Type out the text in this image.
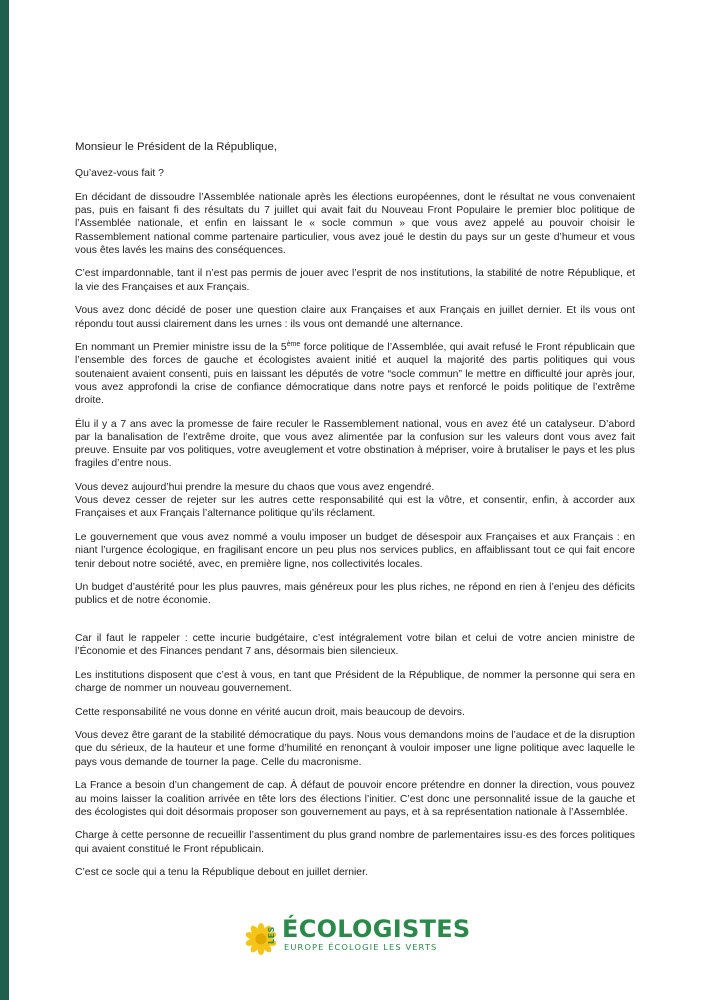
Monsieur le Président de la République,

Qu’avez-vous fait ?

En décidant de dissoudre l’Assemblée nationale après les élections européennes, dont le résultat ne vous convenaient pas, puis en faisant fi des résultats du 7 juillet qui avait fait du Nouveau Front Populaire le premier bloc politique de l’Assemblée nationale, et enfin en laissant le « socle commun » que vous avez appelé au pouvoir choisir le Rassemblement national comme partenaire particulier, vous avez joué le destin du pays sur un geste d’humeur et vous vous êtes lavés les mains des conséquences.

C’est impardonnable, tant il n’est pas permis de jouer avec l’esprit de nos institutions, la stabilité de notre République, et la vie des Françaises et aux Français.

Vous avez donc décidé de poser une question claire aux Françaises et aux Français en juillet dernier. Et ils vous ont répondu tout aussi clairement dans les urnes : ils vous ont demandé une alternance.

En nommant un Premier ministre issu de la 5ème force politique de l’Assemblée, qui avait refusé le Front républicain que l’ensemble des forces de gauche et écologistes avaient initié et auquel la majorité des partis politiques qui vous soutenaient avaient consenti, puis en laissant les députés de votre “socle commun” le mettre en difficulté jour après jour, vous avez approfondi la crise de confiance démocratique dans notre pays et renforcé le poids politique de l’extrême droite.

Élu il y a 7 ans avec la promesse de faire reculer le Rassemblement national, vous en avez été un catalyseur. D’abord par la banalisation de l’extrême droite, que vous avez alimentée par la confusion sur les valeurs dont vous avez fait preuve. Ensuite par vos politiques, votre aveuglement et votre obstination à mépriser, voire à brutaliser le pays et les plus fragiles d’entre nous.

Vous devez aujourd’hui prendre la mesure du chaos que vous avez engendré.
Vous devez cesser de rejeter sur les autres cette responsabilité qui est la vôtre, et consentir, enfin, à accorder aux Françaises et aux Français l’alternance politique qu’ils réclament.

Le gouvernement que vous avez nommé a voulu imposer un budget de désespoir aux Françaises et aux Français : en niant l’urgence écologique, en fragilisant encore un peu plus nos services publics, en affaiblissant tout ce qui fait encore tenir debout notre société, avec, en première ligne, nos collectivités locales.

Un budget d’austérité pour les plus pauvres, mais généreux pour les plus riches, ne répond en rien à l’enjeu des déficits publics et de notre économie.

Car il faut le rappeler : cette incurie budgétaire, c’est intégralement votre bilan et celui de votre ancien ministre de l’Économie et des Finances pendant 7 ans, désormais bien silencieux.

Les institutions disposent que c’est à vous, en tant que Président de la République, de nommer la personne qui sera en charge de nommer un nouveau gouvernement.

Cette responsabilité ne vous donne en vérité aucun droit, mais beaucoup de devoirs.

Vous devez être garant de la stabilité démocratique du pays. Nous vous demandons moins de l’audace et de la disruption que du sérieux, de la hauteur et une forme d’humilité en renonçant à vouloir imposer une ligne politique avec laquelle le pays vous demande de tourner la page. Celle du macronisme.

La France a besoin d’un changement de cap. À défaut de pouvoir encore prétendre en donner la direction, vous pouvez au moins laisser la coalition arrivée en tête lors des élections l’initier. C’est donc une personnalité issue de la gauche et des écologistes qui doit désormais proposer son gouvernement au pays, et à sa représentation nationale à l’Assemblée.

Charge à cette personne de recueillir l’assentiment du plus grand nombre de parlementaires issu·es des forces politiques qui avaient constitué le Front républicain.

C’est ce socle qui a tenu la République debout en juillet dernier.

LES ÉCOLOGISTES
EUROPE ÉCOLOGIE LES VERTS
